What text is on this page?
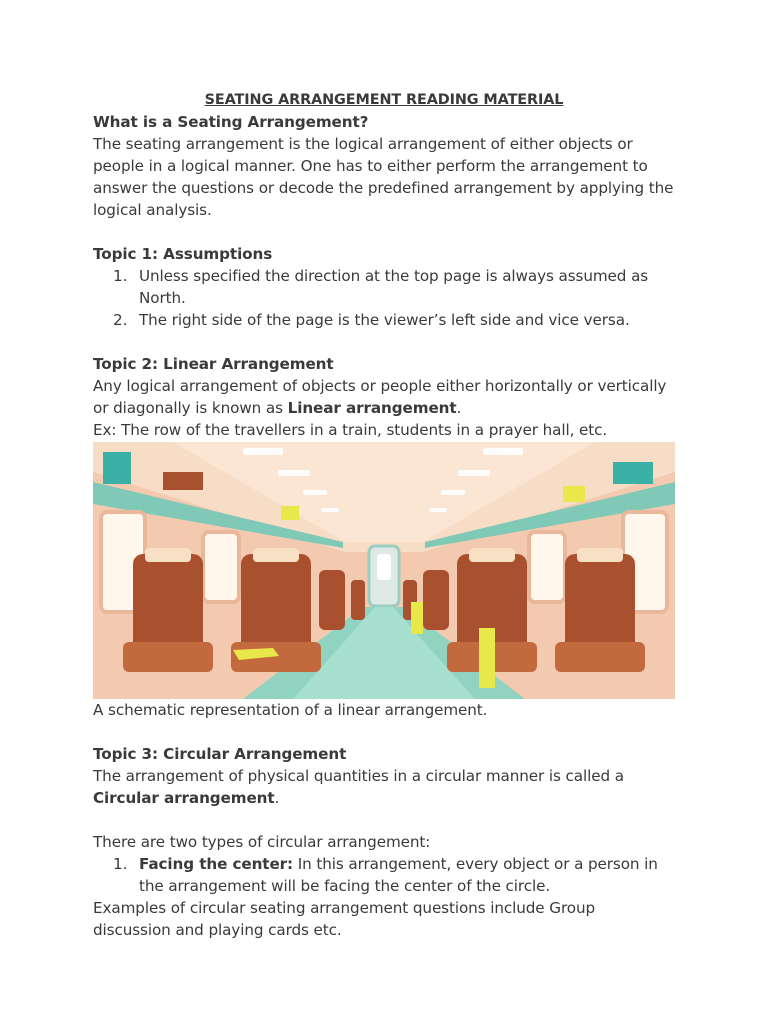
SEATING ARRANGEMENT READING MATERIAL

What is a Seating Arrangement?

The seating arrangement is the logical arrangement of either objects or people in a logical manner. One has to either perform the arrangement to answer the questions or decode the predefined arrangement by applying the logical analysis.

Topic 1: Assumptions

1. Unless specified the direction at the top page is always assumed as North.
2. The right side of the page is the viewer’s left side and vice versa.

Topic 2: Linear Arrangement

Any logical arrangement of objects or people either horizontally or vertically or diagonally is known as Linear arrangement.

Ex: The row of the travellers in a train, students in a prayer hall, etc.

A schematic representation of a linear arrangement.

Topic 3: Circular Arrangement

The arrangement of physical quantities in a circular manner is called a Circular arrangement.

There are two types of circular arrangement:

1. Facing the center: In this arrangement, every object or a person in the arrangement will be facing the center of the circle.

Examples of circular seating arrangement questions include Group discussion and playing cards etc.
